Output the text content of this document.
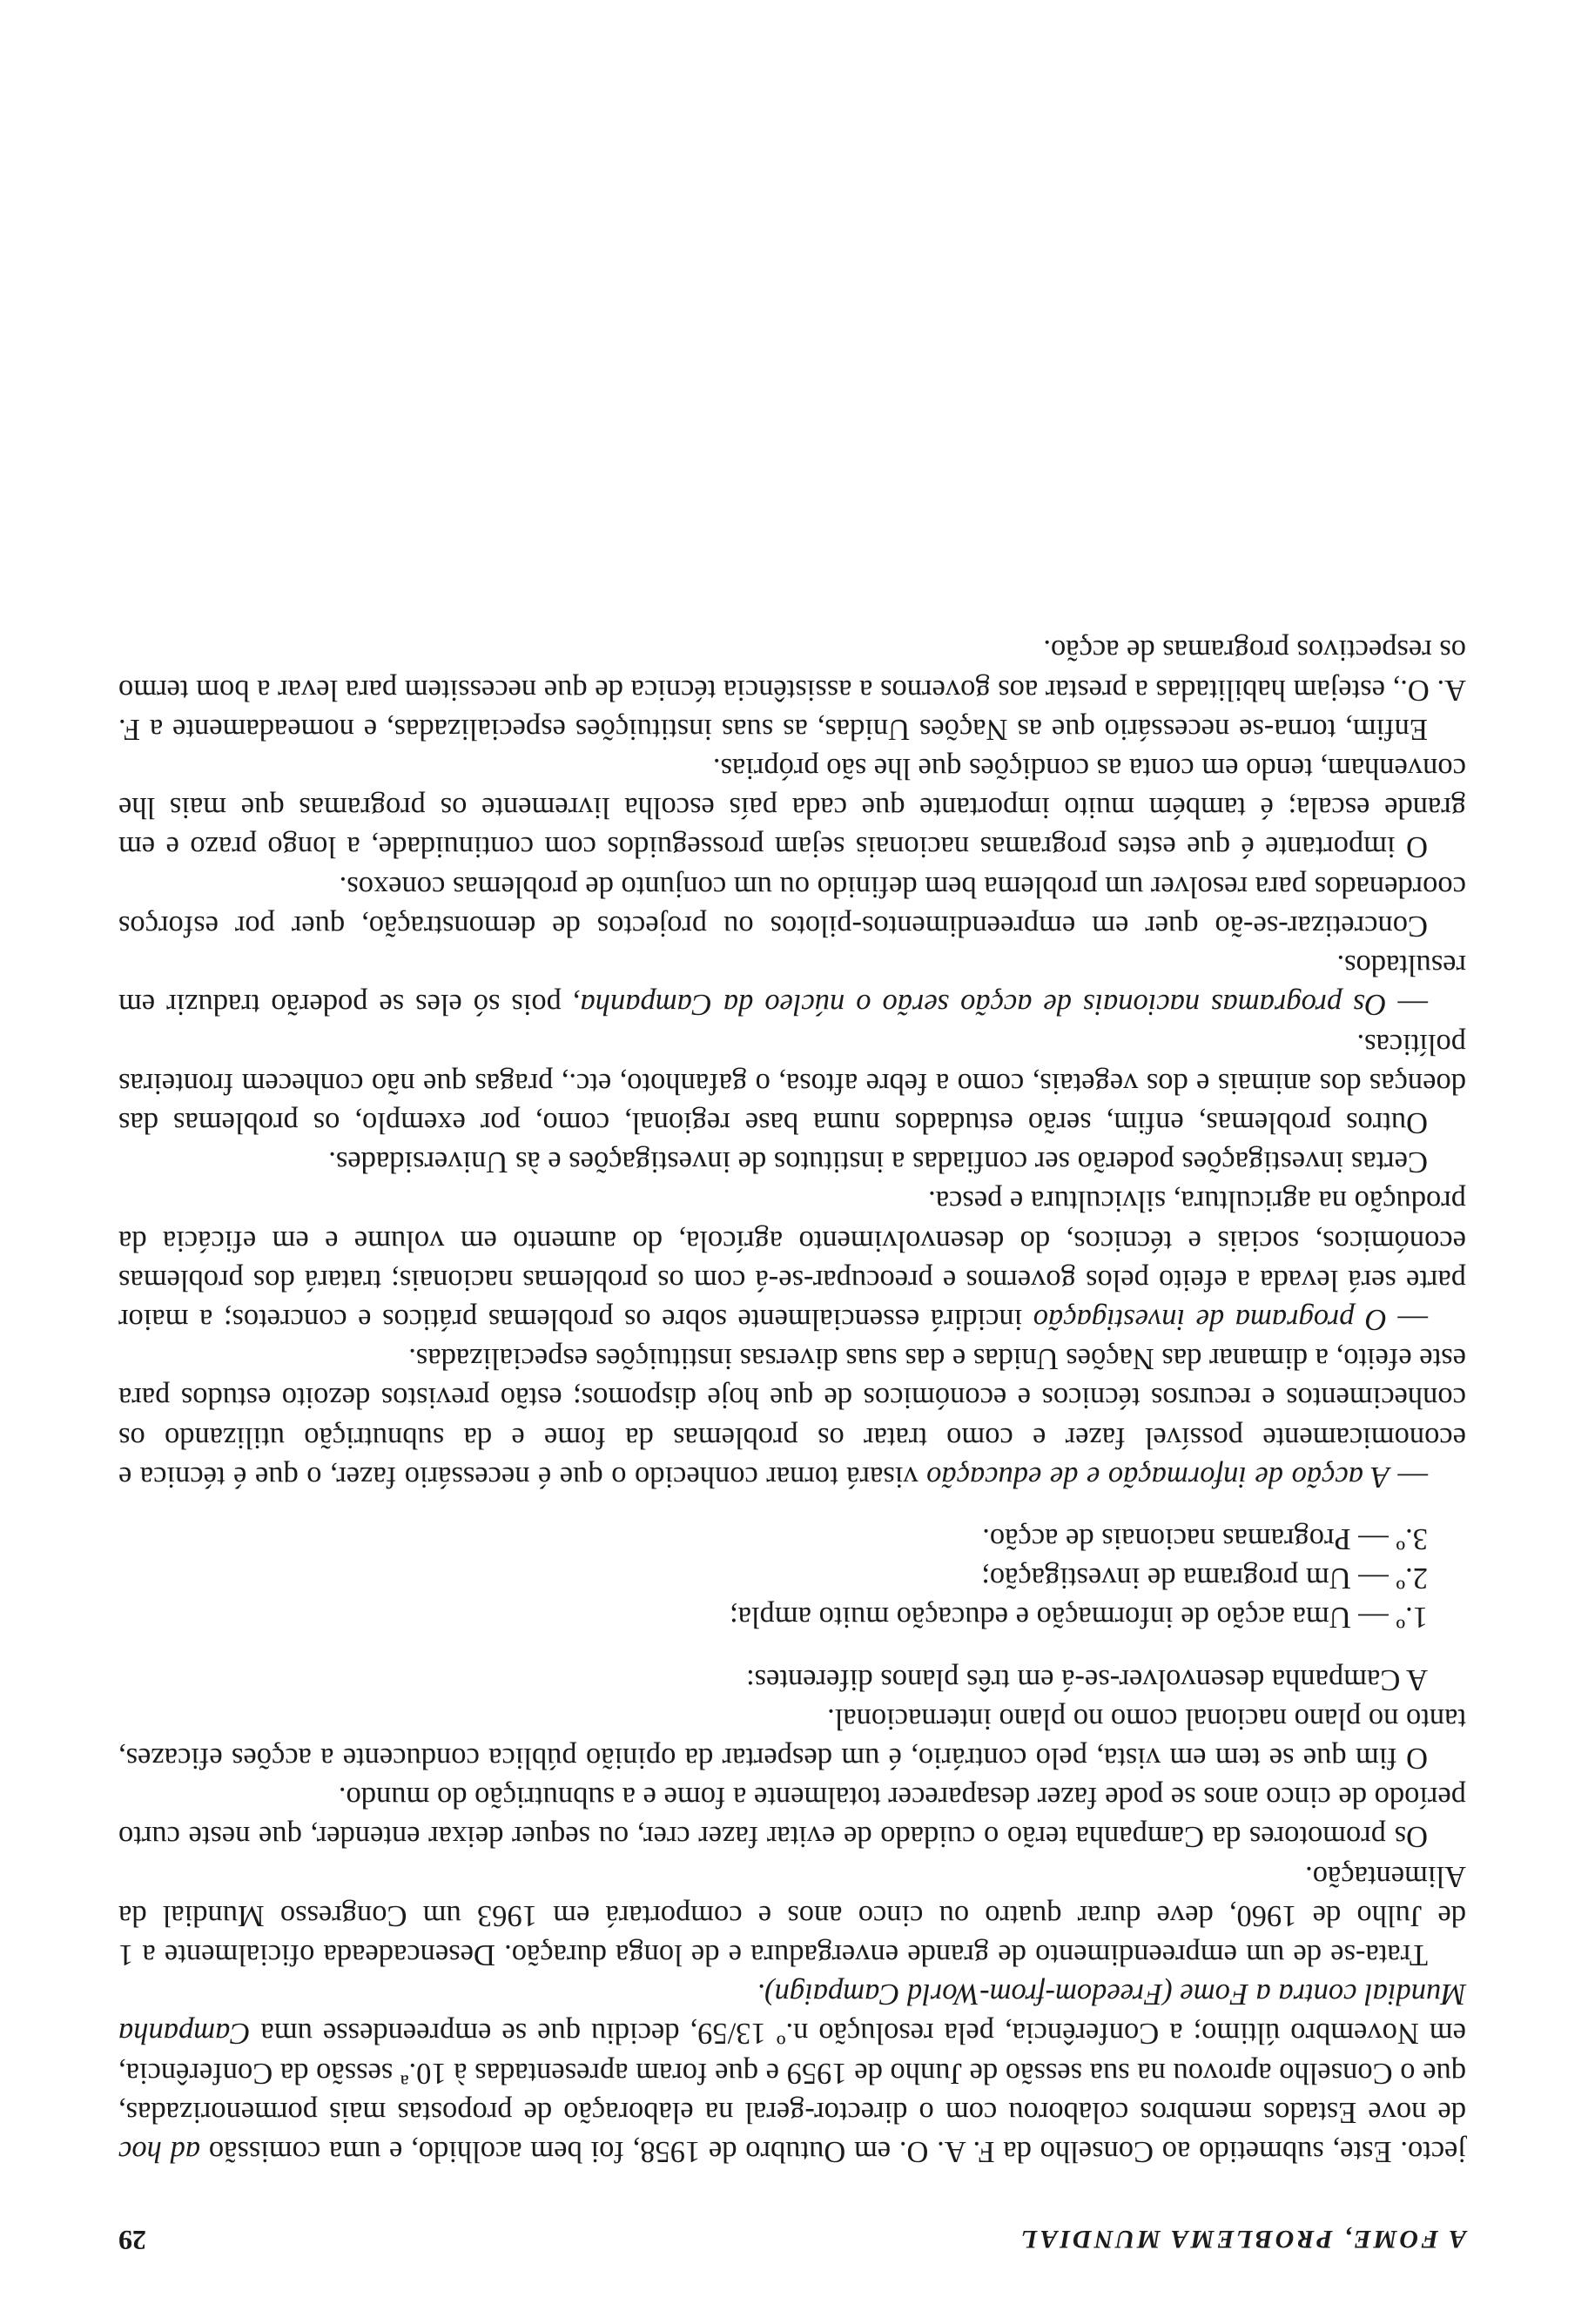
A FOME, PROBLEMA MUNDIAL
29

jecto. Este, submetido ao Conselho da F. A. O. em Outubro de 1958, foi bem acolhido, e uma comissão ad hoc de nove Estados membros colaborou com o director-geral na elaboração de propostas mais pormenorizadas, que o Conselho aprovou na sua sessão de Junho de 1959 e que foram apresentadas à 10.ª sessão da Conferência, em Novembro último; a Conferência, pela resolução n.º 13/59, decidiu que se empreendesse uma Campanha Mundial contra a Fome (Freedom-from-World Campaign).

Trata-se de um empreendimento de grande envergadura e de longa duração. Desencadeada oficialmente a 1 de Julho de 1960, deve durar quatro ou cinco anos e comportará em 1963 um Congresso Mundial da Alimentação.

Os promotores da Campanha terão o cuidado de evitar fazer crer, ou sequer deixar entender, que neste curto período de cinco anos se pode fazer desaparecer totalmente a fome e a subnutrição do mundo.

O fim que se tem em vista, pelo contrário, é um despertar da opinião pública conducente a acções eficazes, tanto no plano nacional como no plano internacional.

A Campanha desenvolver-se-á em três planos diferentes:

1.º — Uma acção de informação e educação muito ampla;

2.º — Um programa de investigação;

3.º — Programas nacionais de acção.

— A acção de informação e de educação visará tornar conhecido o que é necessário fazer, o que é técnica e economicamente possível fazer e como tratar os problemas da fome e da subnutrição utilizando os conhecimentos e recursos técnicos e económicos de que hoje dispomos; estão previstos dezoito estudos para este efeito, a dimanar das Nações Unidas e das suas diversas instituições especializadas.

— O programa de investigação incidirá essencialmente sobre os problemas práticos e concretos; a maior parte será levada a efeito pelos governos e preocupar-se-á com os problemas nacionais; tratará dos problemas económicos, sociais e técnicos, do desenvolvimento agrícola, do aumento em volume e em eficácia da produção na agricultura, silvicultura e pesca.

Certas investigações poderão ser confiadas a institutos de investigações e às Universidades.

Outros problemas, enfim, serão estudados numa base regional, como, por exemplo, os problemas das doenças dos animais e dos vegetais, como a febre aftosa, o gafanhoto, etc., pragas que não conhecem fronteiras políticas.

— Os programas nacionais de acção serão o núcleo da Campanha, pois só eles se poderão traduzir em resultados.

Concretizar-se-ão quer em empreendimentos-pilotos ou projectos de demonstração, quer por esforços coordenados para resolver um problema bem definido ou um conjunto de problemas conexos.

O importante é que estes programas nacionais sejam prosseguidos com continuidade, a longo prazo e em grande escala; é também muito importante que cada país escolha livremente os programas que mais lhe convenham, tendo em conta as condições que lhe são próprias.

Enfim, torna-se necessário que as Nações Unidas, as suas instituições especializadas, e nomeadamente a F. A. O., estejam habilitadas a prestar aos governos a assistência técnica de que necessitem para levar a bom termo os respectivos programas de acção.
